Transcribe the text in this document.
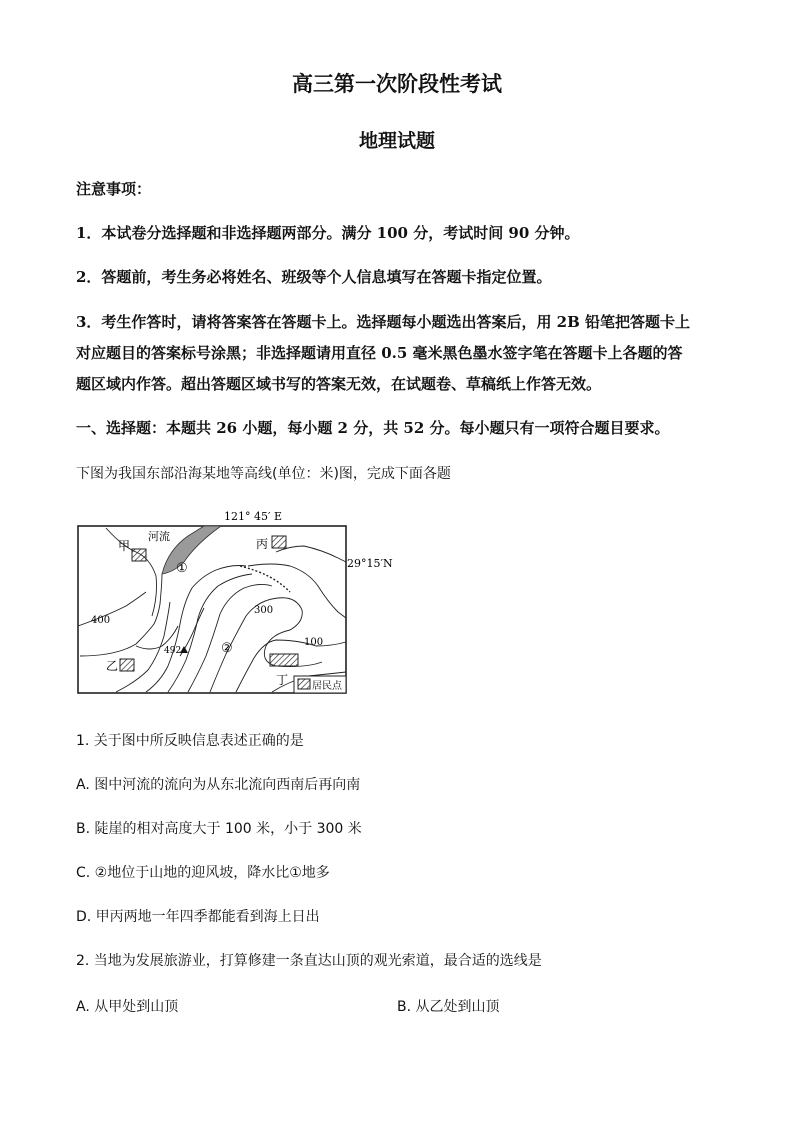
高三第一次阶段性考试
地理试题
注意事项：
1．本试卷分选择题和非选择题两部分。满分 100 分，考试时间 90 分钟。
2．答题前，考生务必将姓名、班级等个人信息填写在答题卡指定位置。
3．考生作答时，请将答案答在答题卡上。选择题每小题选出答案后，用 2B 铅笔把答题卡上
对应题目的答案标号涂黑；非选择题请用直径 0.5 毫米黑色墨水签字笔在答题卡上各题的答
题区域内作答。超出答题区域书写的答案无效，在试题卷、草稿纸上作答无效。
一、选择题：本题共 26 小题，每小题 2 分，共 52 分。每小题只有一项符合题目要求。
下图为我国东部沿海某地等高线(单位：米)图，完成下面各题
121° 45′ E
29°15′N
河流
甲
乙
丙
丁
①
②
400
300
100
492
居民点
1. 关于图中所反映信息表述正确的是
A. 图中河流的流向为从东北流向西南后再向南
B. 陡崖的相对高度大于 100 米，小于 300 米
C. ②地位于山地的迎风坡，降水比①地多
D. 甲丙两地一年四季都能看到海上日出
2. 当地为发展旅游业，打算修建一条直达山顶的观光索道，最合适的选线是
A. 从甲处到山顶	B. 从乙处到山顶
